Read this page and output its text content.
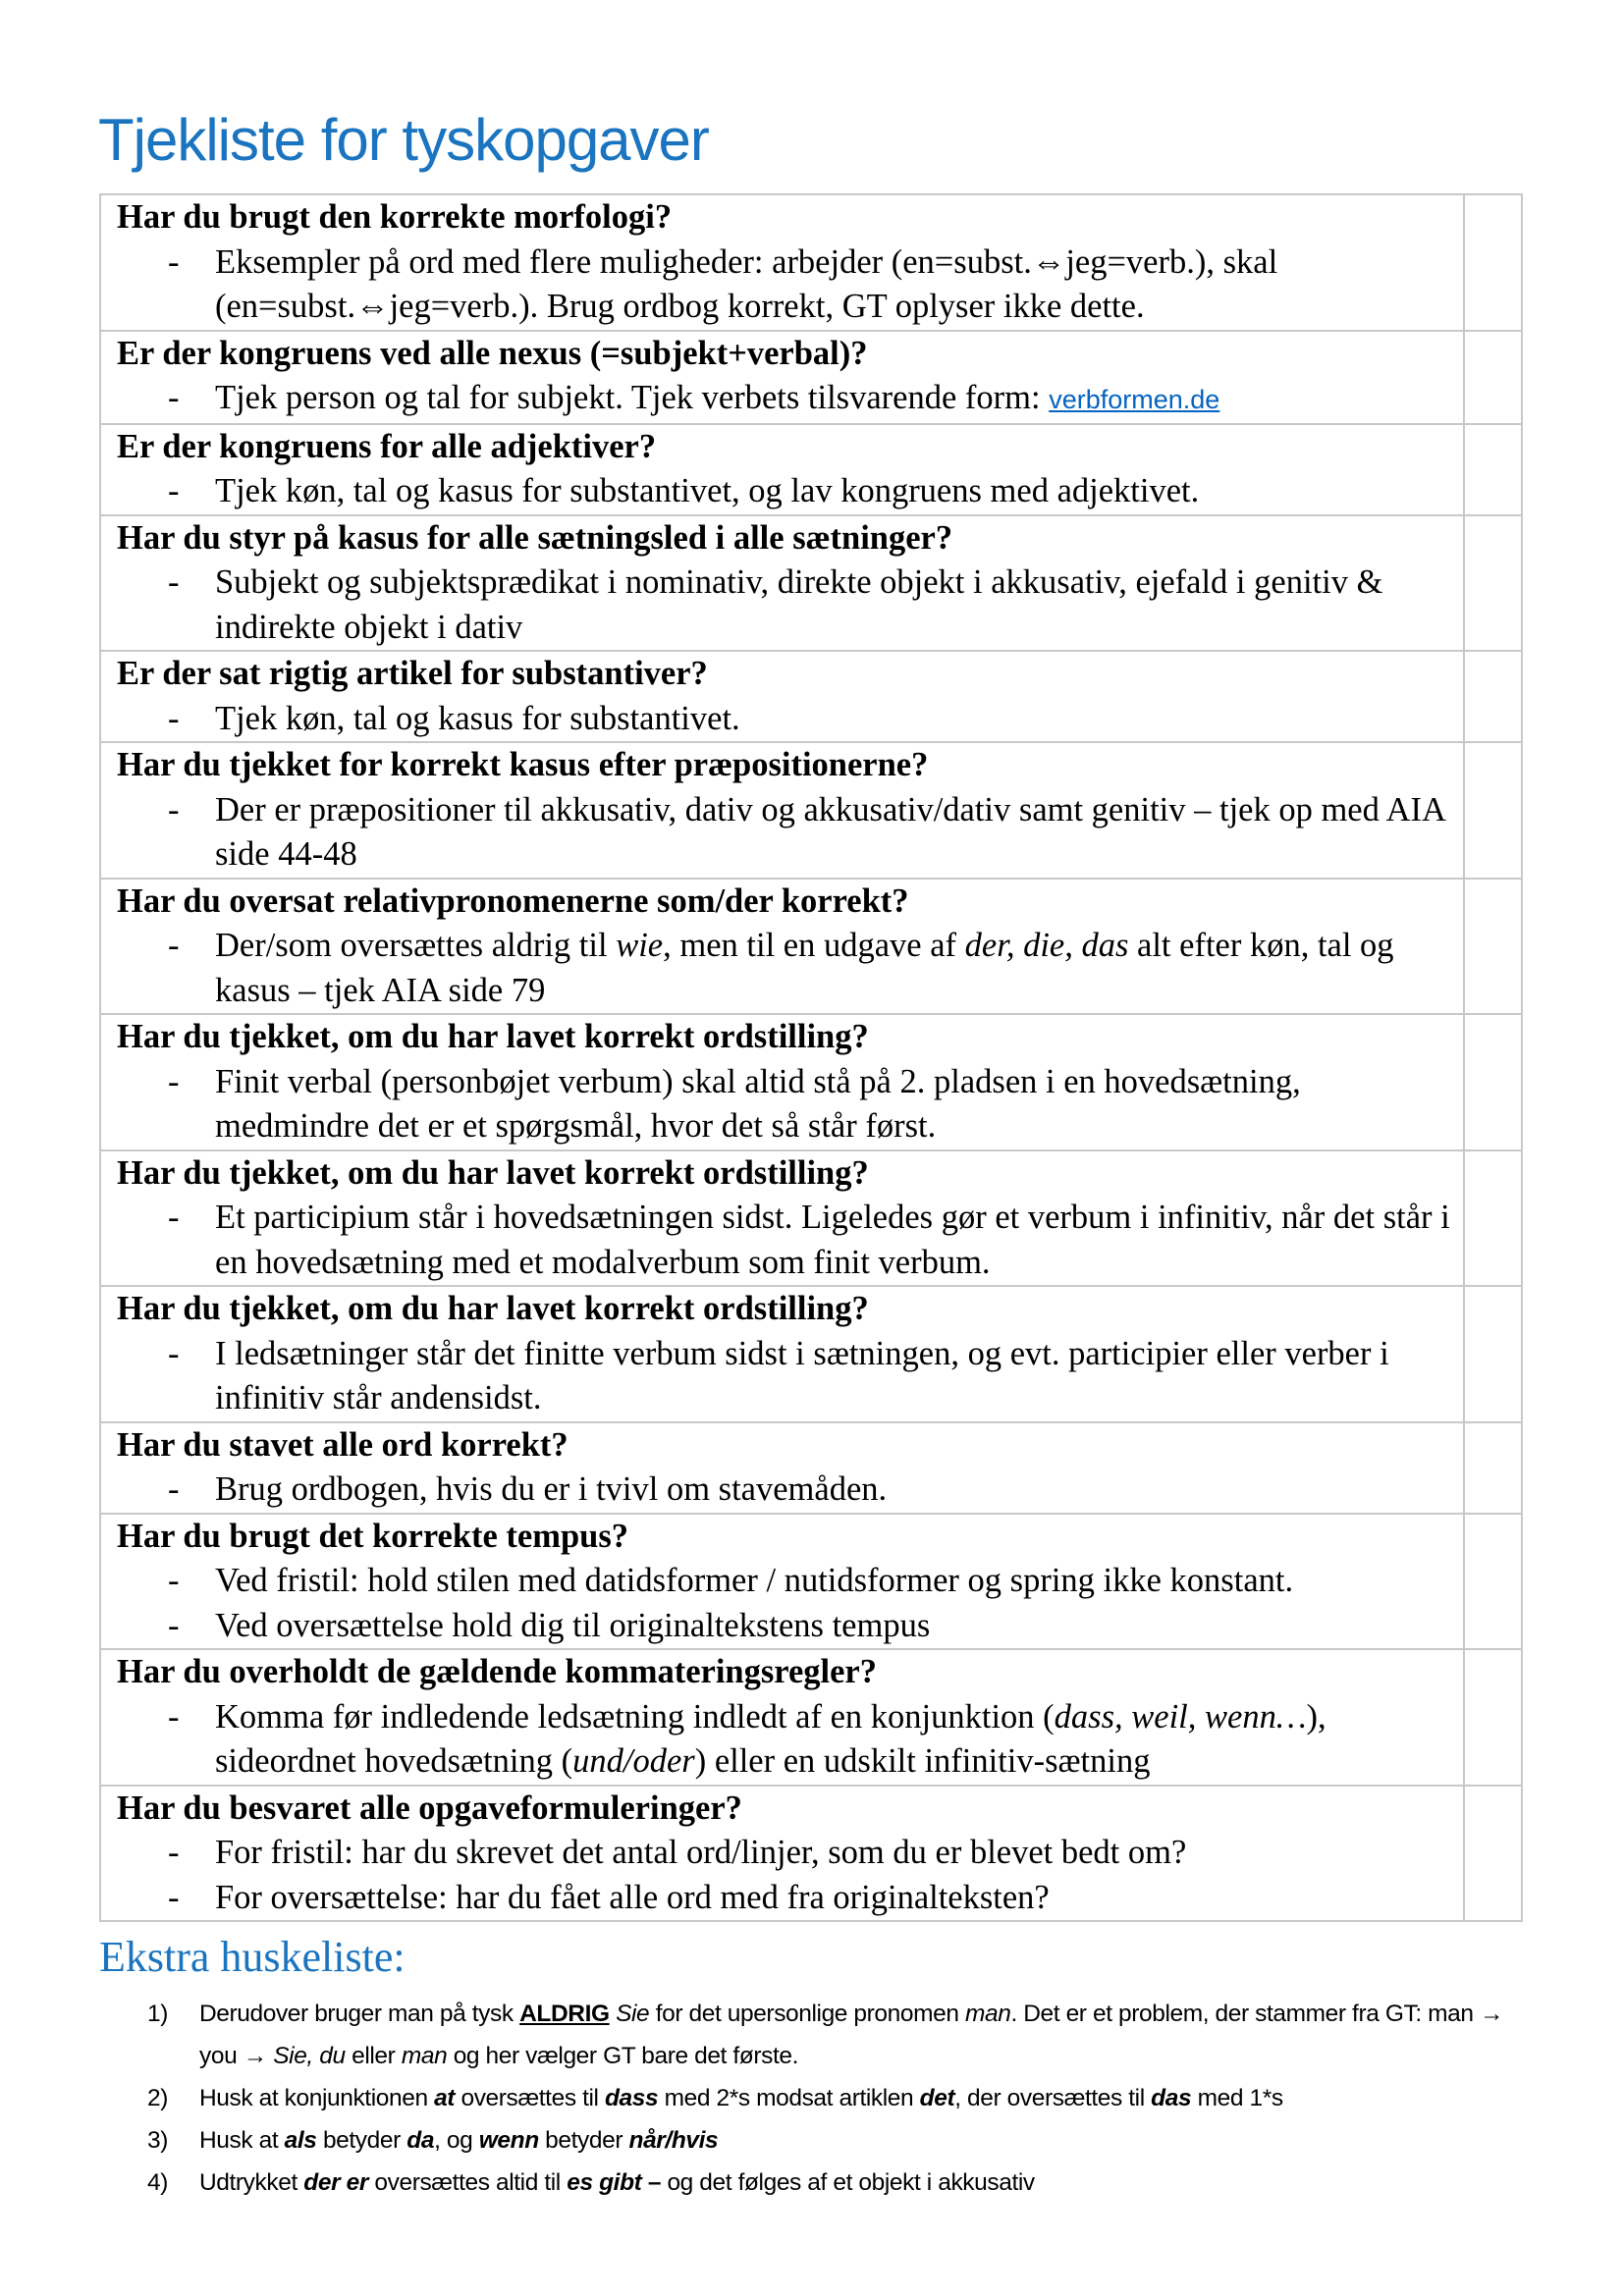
Tjekliste for tyskopgaver
Har du brugt den korrekte morfologi?
- Eksempler på ord med flere muligheder: arbejder (en=subst.⇔jeg=verb.), skal (en=subst.⇔jeg=verb.). Brug ordbog korrekt, GT oplyser ikke dette.	

Er der kongruens ved alle nexus (=subjekt+verbal)?
- Tjek person og tal for subjekt. Tjek verbets tilsvarende form: verbformen.de	

Er der kongruens for alle adjektiver?
- Tjek køn, tal og kasus for substantivet, og lav kongruens med adjektivet.	

Har du styr på kasus for alle sætningsled i alle sætninger?
- Subjekt og subjektsprædikat i nominativ, direkte objekt i akkusativ, ejefald i genitiv & indirekte objekt i dativ	

Er der sat rigtig artikel for substantiver?
- Tjek køn, tal og kasus for substantivet.	

Har du tjekket for korrekt kasus efter præpositionerne?
- Der er præpositioner til akkusativ, dativ og akkusativ/dativ samt genitiv – tjek op med AIA side 44-48	

Har du oversat relativpronomenerne som/der korrekt?
- Der/som oversættes aldrig til wie, men til en udgave af der, die, das alt efter køn, tal og kasus – tjek AIA side 79	

Har du tjekket, om du har lavet korrekt ordstilling?
- Finit verbal (personbøjet verbum) skal altid stå på 2. pladsen i en hovedsætning, medmindre det er et spørgsmål, hvor det så står først.	

Har du tjekket, om du har lavet korrekt ordstilling?
- Et participium står i hovedsætningen sidst. Ligeledes gør et verbum i infinitiv, når det står i en hovedsætning med et modalverbum som finit verbum.	

Har du tjekket, om du har lavet korrekt ordstilling?
- I ledsætninger står det finitte verbum sidst i sætningen, og evt. participier eller verber i infinitiv står andensidst.	

Har du stavet alle ord korrekt?
- Brug ordbogen, hvis du er i tvivl om stavemåden.	

Har du brugt det korrekte tempus?
- Ved fristil: hold stilen med datidsformer / nutidsformer og spring ikke konstant.
- Ved oversættelse hold dig til originaltekstens tempus	

Har du overholdt de gældende kommateringsregler?
- Komma før indledende ledsætning indledt af en konjunktion (dass, weil, wenn…), sideordnet hovedsætning (und/oder) eller en udskilt infinitiv-sætning	

Har du besvaret alle opgaveformuleringer?
- For fristil: har du skrevet det antal ord/linjer, som du er blevet bedt om?
- For oversættelse: har du fået alle ord med fra originalteksten?	

Ekstra huskeliste:
1) Derudover bruger man på tysk ALDRIG Sie for det upersonlige pronomen man. Det er et problem, der stammer fra GT: man → you → Sie, du eller man og her vælger GT bare det første.
2) Husk at konjunktionen at oversættes til dass med 2*s modsat artiklen det, der oversættes til das med 1*s
3) Husk at als betyder da, og wenn betyder når/hvis
4) Udtrykket der er oversættes altid til es gibt – og det følges af et objekt i akkusativ
